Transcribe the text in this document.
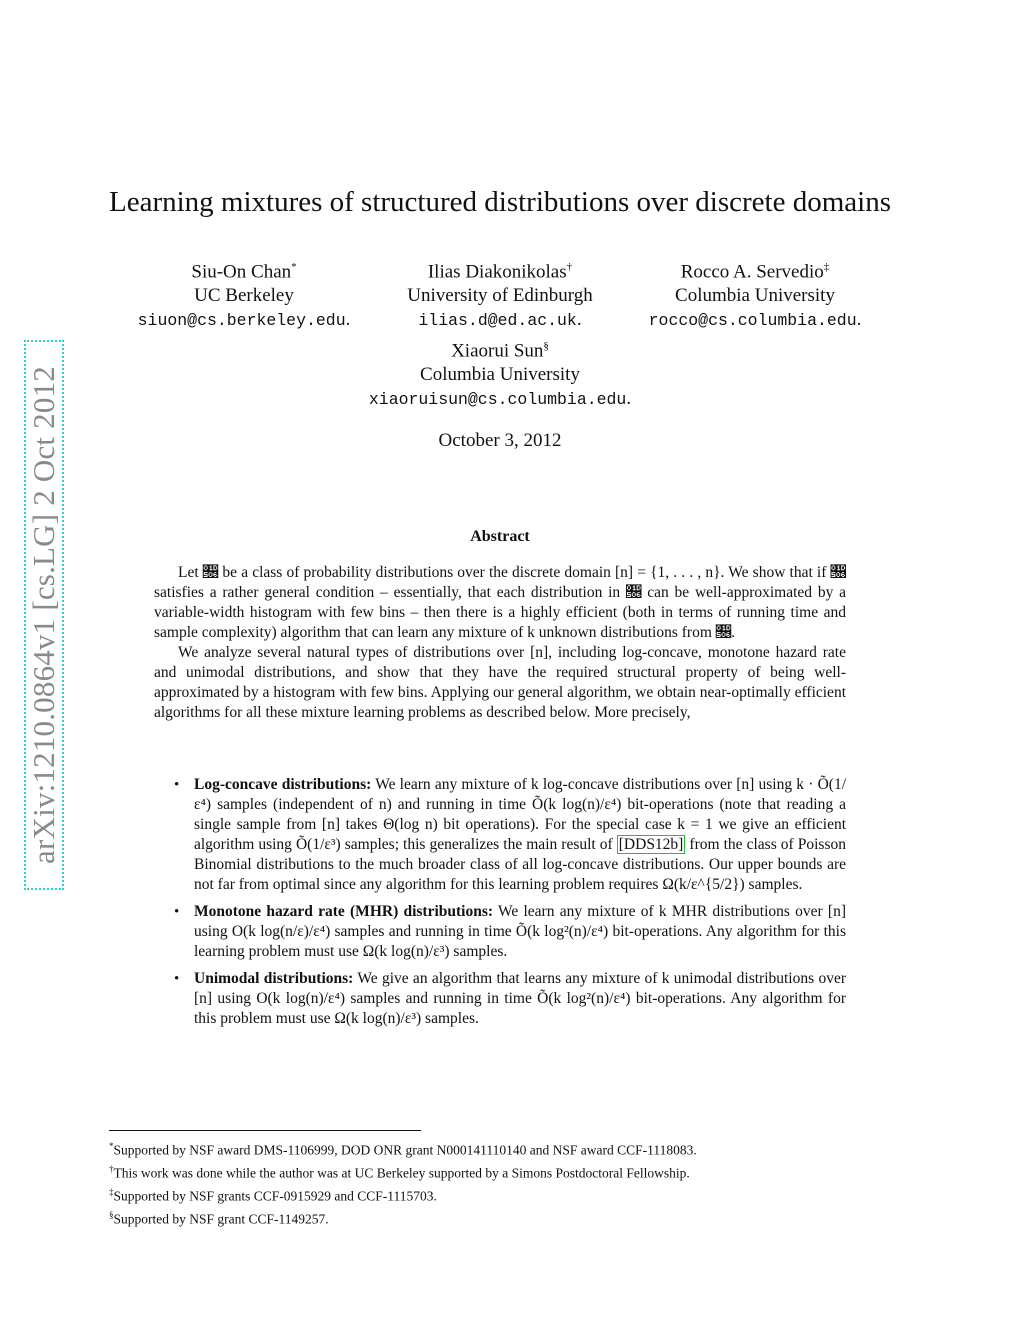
arXiv:1210.0864v1 [cs.LG] 2 Oct 2012
Learning mixtures of structured distributions over discrete domains
Siu-On Chan*
UC Berkeley
siuon@cs.berkeley.edu.
Ilias Diakonikolas†
University of Edinburgh
ilias.d@ed.ac.uk.
Rocco A. Servedio‡
Columbia University
rocco@cs.columbia.edu.
Xiaorui Sun§
Columbia University
xiaoruisun@cs.columbia.edu.
October 3, 2012
Abstract

Let 𝔆 be a class of probability distributions over the discrete domain [n] = {1, . . . , n}. We show that if 𝔆 satisfies a rather general condition – essentially, that each distribution in 𝔆 can be well-approximated by a variable-width histogram with few bins – then there is a highly efficient (both in terms of running time and sample complexity) algorithm that can learn any mixture of k unknown distributions from 𝔆.

We analyze several natural types of distributions over [n], including log-concave, monotone hazard rate and unimodal distributions, and show that they have the required structural property of being well-approximated by a histogram with few bins. Applying our general algorithm, we obtain near-optimally efficient algorithms for all these mixture learning problems as described below. More precisely,

• Log-concave distributions: We learn any mixture of k log-concave distributions over [n] using k · Õ(1/ε⁴) samples (independent of n) and running in time Õ(k log(n)/ε⁴) bit-operations (note that reading a single sample from [n] takes Θ(log n) bit operations). For the special case k = 1 we give an efficient algorithm using Õ(1/ε³) samples; this generalizes the main result of [DDS12b] from the class of Poisson Binomial distributions to the much broader class of all log-concave distributions. Our upper bounds are not far from optimal since any algorithm for this learning problem requires Ω(k/ε^{5/2}) samples.
• Monotone hazard rate (MHR) distributions: We learn any mixture of k MHR distributions over [n] using O(k log(n/ε)/ε⁴) samples and running in time Õ(k log²(n)/ε⁴) bit-operations. Any algorithm for this learning problem must use Ω(k log(n)/ε³) samples.
• Unimodal distributions: We give an algorithm that learns any mixture of k unimodal distributions over [n] using O(k log(n)/ε⁴) samples and running in time Õ(k log²(n)/ε⁴) bit-operations. Any algorithm for this problem must use Ω(k log(n)/ε³) samples.
*Supported by NSF award DMS-1106999, DOD ONR grant N000141110140 and NSF award CCF-1118083.
†This work was done while the author was at UC Berkeley supported by a Simons Postdoctoral Fellowship.
‡Supported by NSF grants CCF-0915929 and CCF-1115703.
§Supported by NSF grant CCF-1149257.
